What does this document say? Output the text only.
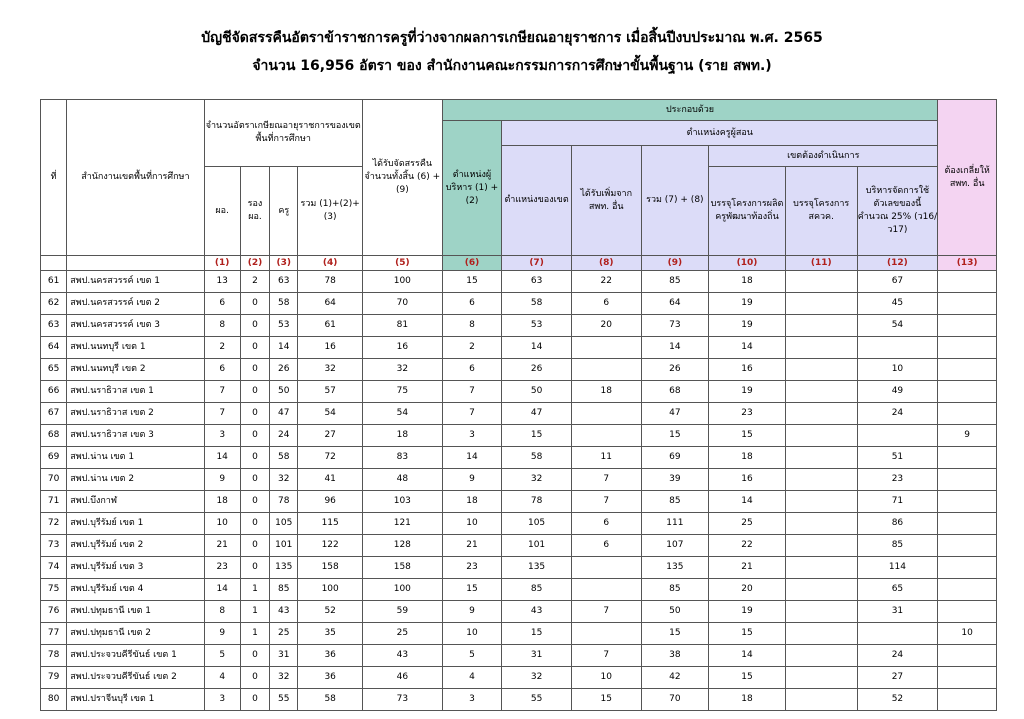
บัญชีจัดสรรคืนอัตราข้าราชการครูที่ว่างจากผลการเกษียณอายุราชการ เมื่อสิ้นปีงบประมาณ พ.ศ. 2565
จำนวน 16,956 อัตรา ของ สำนักงานคณะกรรมการการศึกษาขั้นพื้นฐาน (ราย สพท.)
ที่	สำนักงานเขตพื้นที่การศึกษา	จำนวนอัตราเกษียณอายุราชการของเขตพื้นที่การศึกษา				ได้รับจัดสรรคืนจำนวนทั้งสิ้น (6) + (9)	ประกอบด้วย							ต้องเกลี่ยให้ สพท. อื่น
							ตำแหน่งผู้บริหาร (1) + (2)	ตำแหน่งครูผู้สอน						
								ตำแหน่งของเขต	ได้รับเพิ่มจาก สพท. อื่น	รวม (7) + (8)	เขตต้องดำเนินการ			
		ผอ.	รอง ผอ.	ครู	รวม (1)+(2)+(3)						บรรจุโครงการผลิตครูพัฒนาท้องถิ่น	บรรจุโครงการ สควค.	บริหารจัดการใช้ตัวเลขของนี้ คำนวณ 25% (ว16/ ว17)	
		(1)	(2)	(3)	(4)	(5)	(6)	(7)	(8)	(9)	(10)	(11)	(12)	(13)
61	สพป.นครสวรรค์ เขต 1	13	2	63	78	100	15	63	22	85	18		67	
62	สพป.นครสวรรค์ เขต 2	6	0	58	64	70	6	58	6	64	19		45	
63	สพป.นครสวรรค์ เขต 3	8	0	53	61	81	8	53	20	73	19		54	
64	สพป.นนทบุรี เขต 1	2	0	14	16	16	2	14		14	14			
65	สพป.นนทบุรี เขต 2	6	0	26	32	32	6	26		26	16		10	
66	สพป.นราธิวาส เขต 1	7	0	50	57	75	7	50	18	68	19		49	
67	สพป.นราธิวาส เขต 2	7	0	47	54	54	7	47		47	23		24	
68	สพป.นราธิวาส เขต 3	3	0	24	27	18	3	15		15	15			9
69	สพป.น่าน เขต 1	14	0	58	72	83	14	58	11	69	18		51	
70	สพป.น่าน เขต 2	9	0	32	41	48	9	32	7	39	16		23	
71	สพป.บึงกาฬ	18	0	78	96	103	18	78	7	85	14		71	
72	สพป.บุรีรัมย์ เขต 1	10	0	105	115	121	10	105	6	111	25		86	
73	สพป.บุรีรัมย์ เขต 2	21	0	101	122	128	21	101	6	107	22		85	
74	สพป.บุรีรัมย์ เขต 3	23	0	135	158	158	23	135		135	21		114	
75	สพป.บุรีรัมย์ เขต 4	14	1	85	100	100	15	85		85	20		65	
76	สพป.ปทุมธานี เขต 1	8	1	43	52	59	9	43	7	50	19		31	
77	สพป.ปทุมธานี เขต 2	9	1	25	35	25	10	15		15	15			10
78	สพป.ประจวบคีรีขันธ์ เขต 1	5	0	31	36	43	5	31	7	38	14		24	
79	สพป.ประจวบคีรีขันธ์ เขต 2	4	0	32	36	46	4	32	10	42	15		27	
80	สพป.ปราจีนบุรี เขต 1	3	0	55	58	73	3	55	15	70	18		52	
